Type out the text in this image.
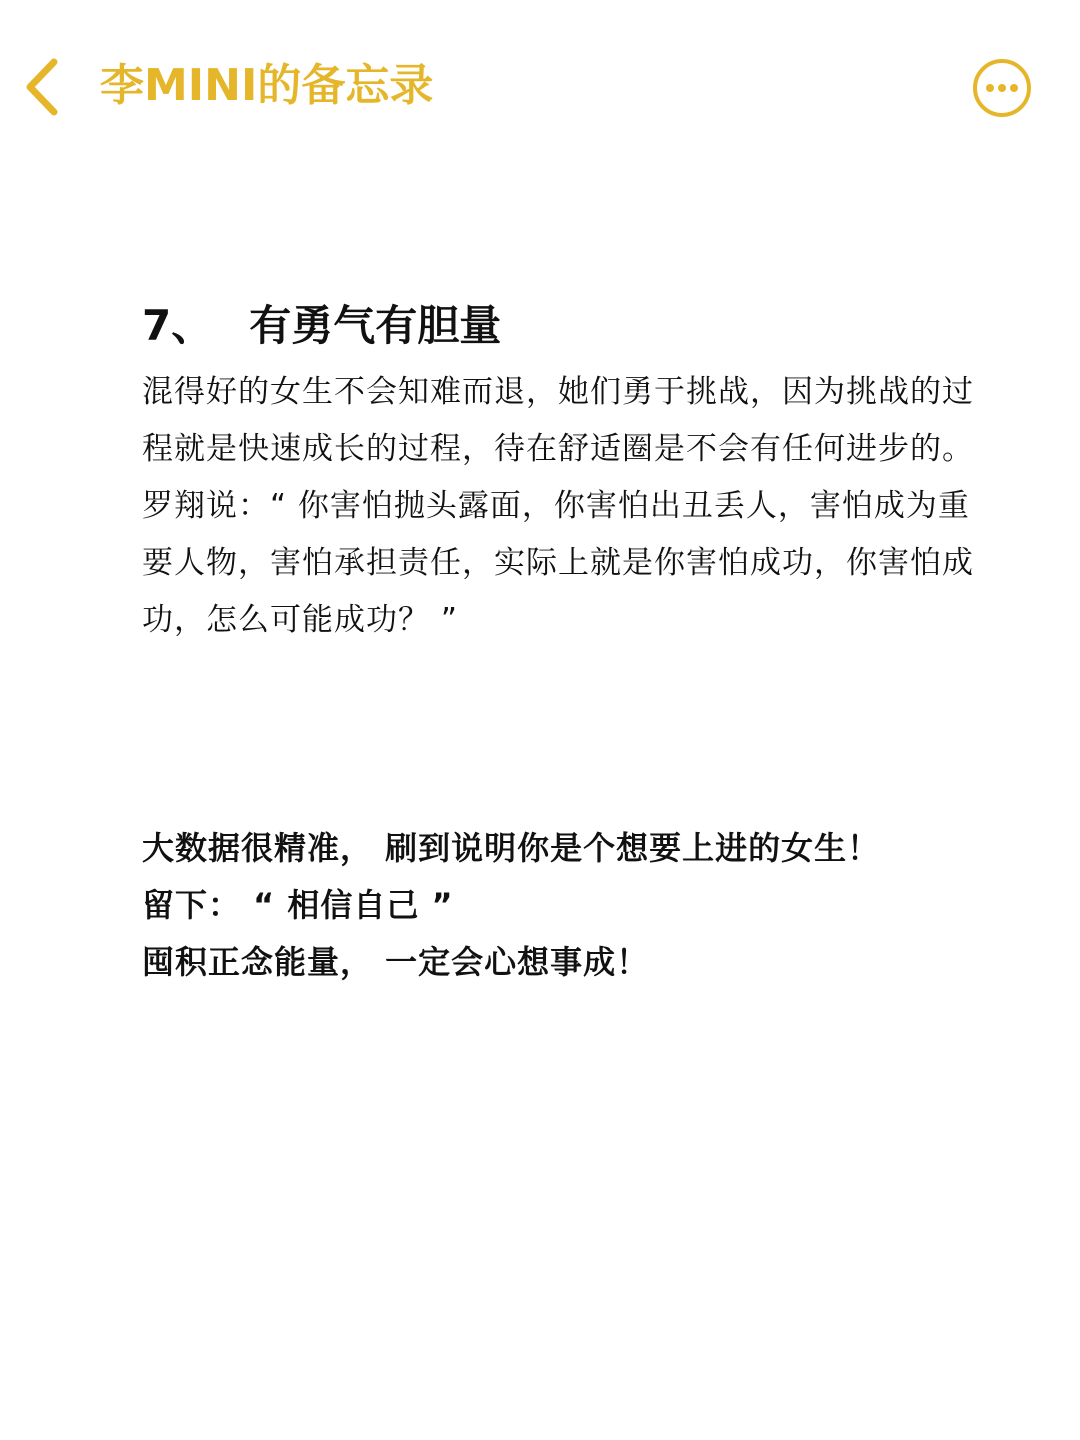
李MINI的备忘录
7、 有勇气有胆量

混得好的女生不会知难而退，她们勇于挑战，因为挑战的过程就是快速成长的过程，待在舒适圈是不会有任何进步的。

罗翔说：“ 你害怕抛头露面，你害怕出丑丢人，害怕成为重要人物，害怕承担责任，实际上就是你害怕成功，你害怕成功，怎么可能成功？ ”

大数据很精准， 刷到说明你是个想要上进的女生！

留下： “ 相信自己 ”

囤积正念能量， 一定会心想事成！
